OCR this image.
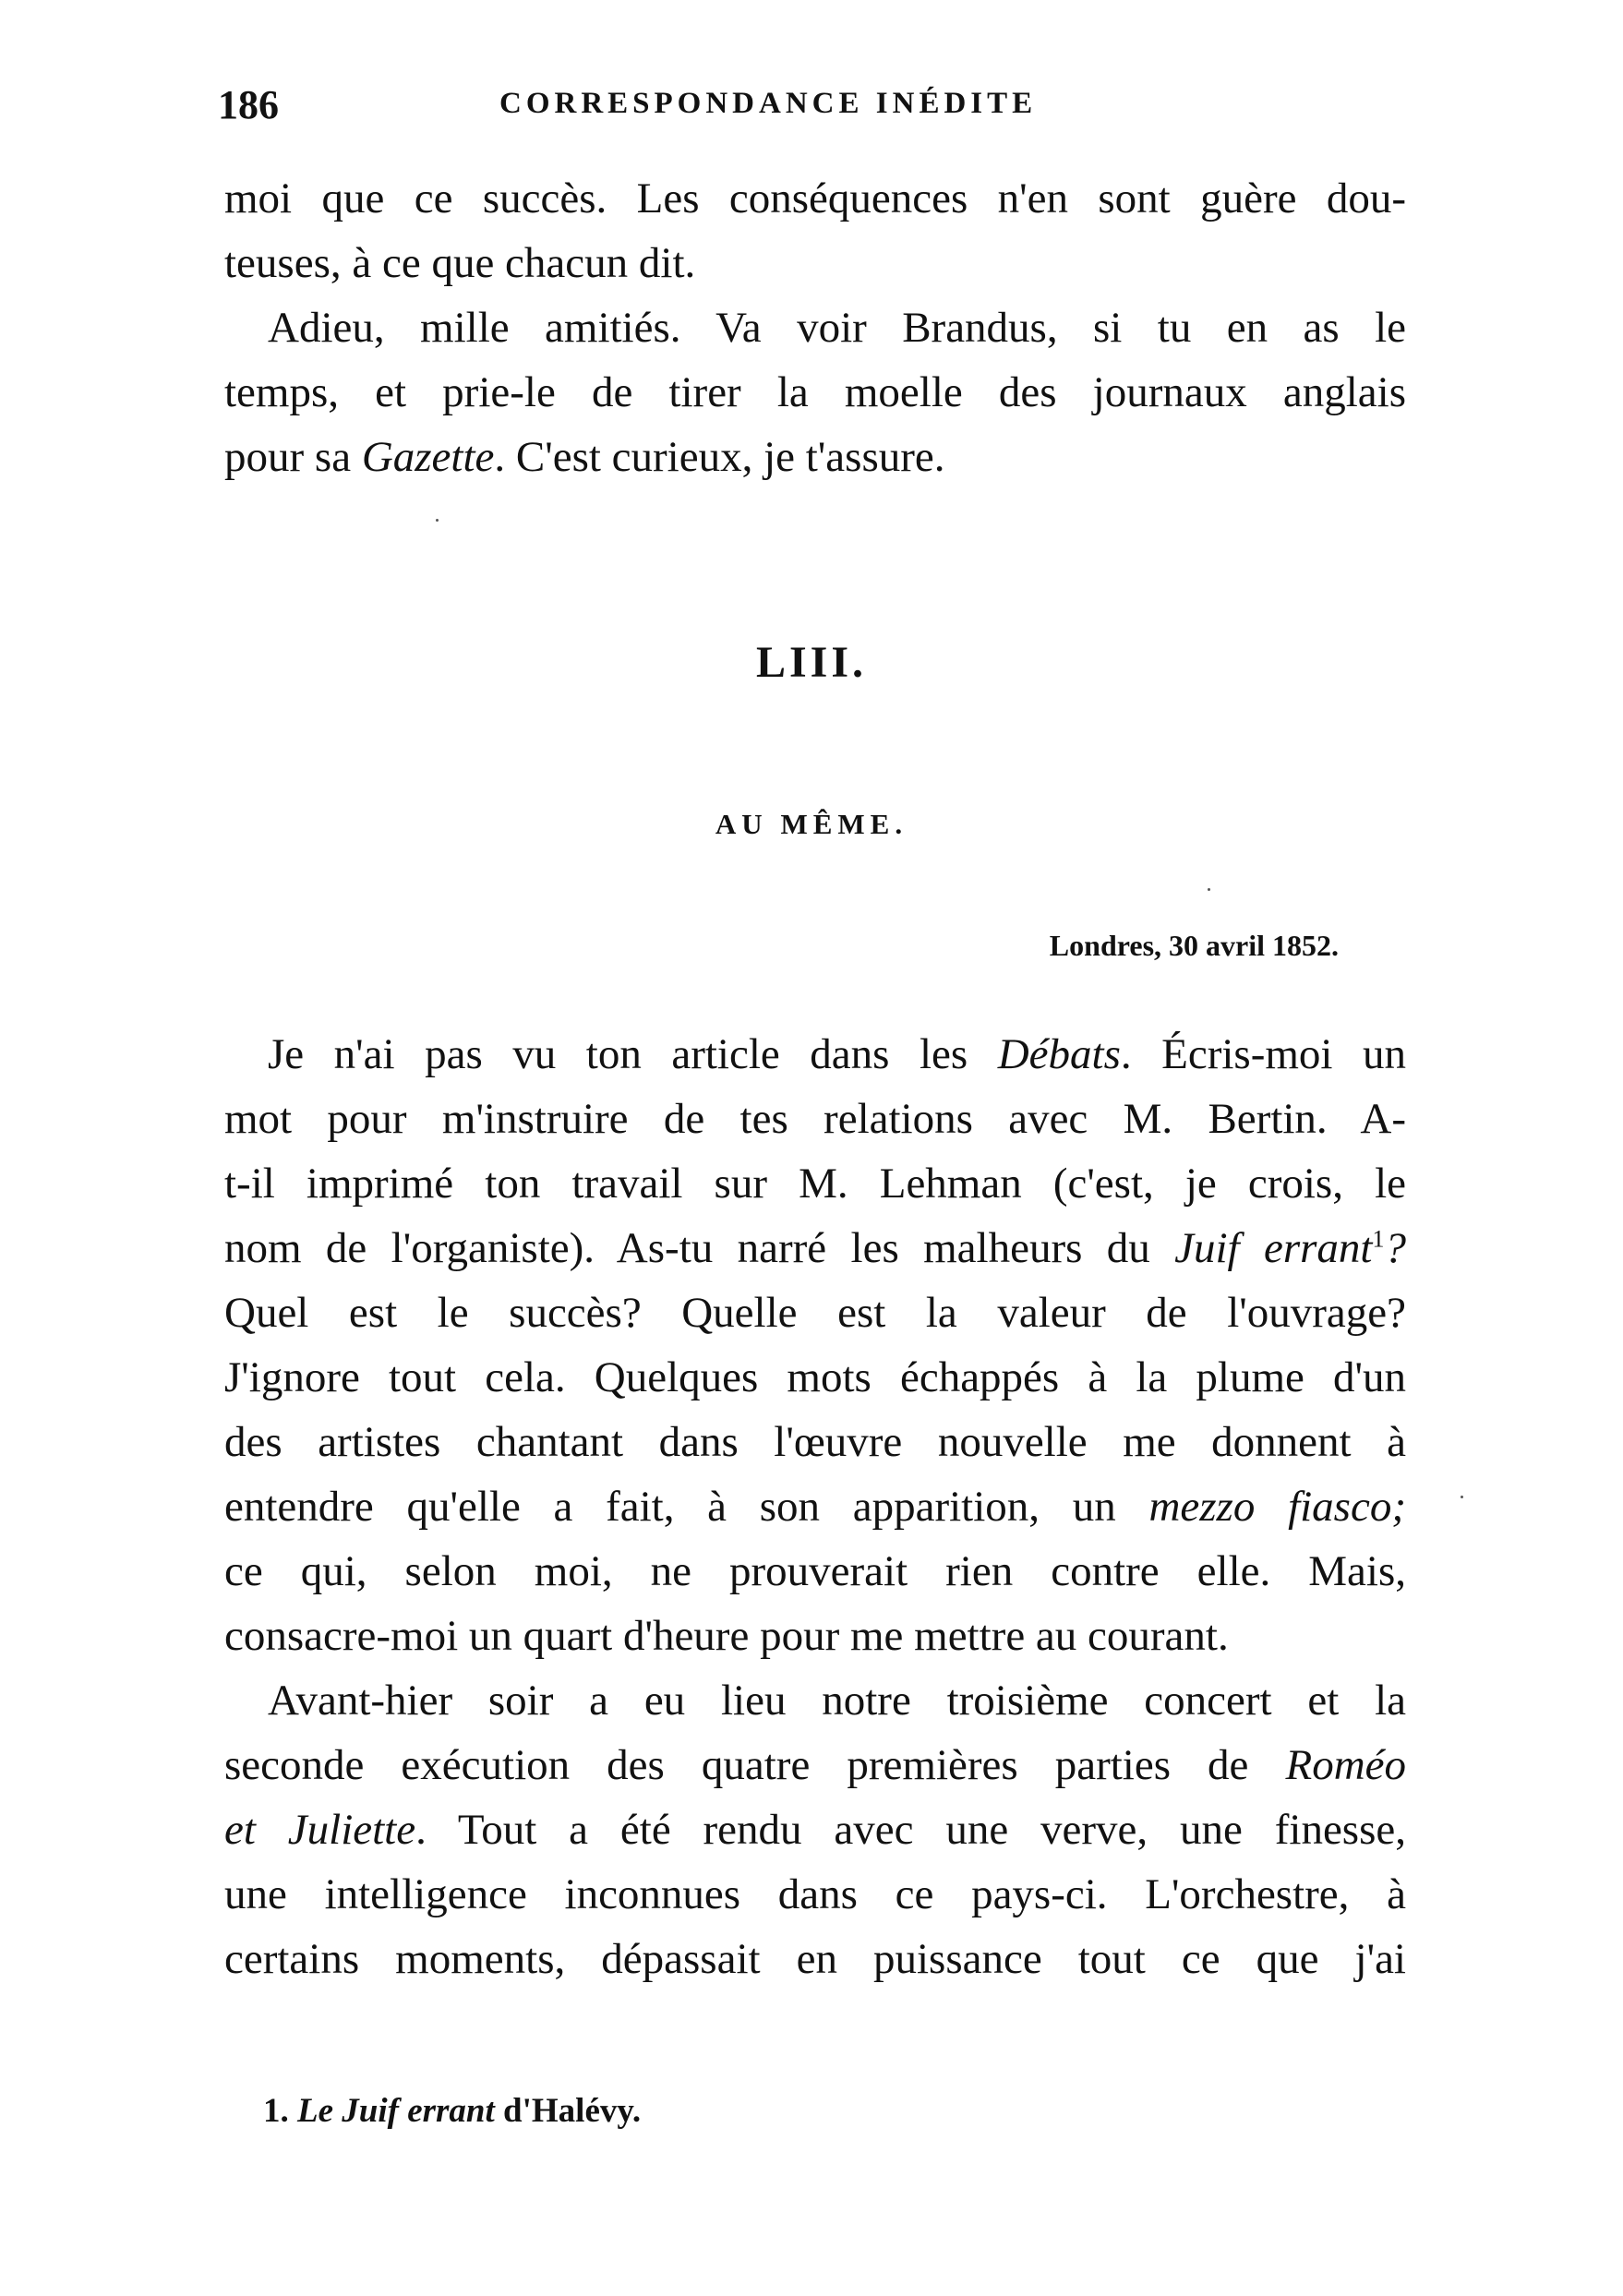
186	CORRESPONDANCE INÉDITE
moi que ce succès. Les conséquences n'en sont guère dou-
teuses, à ce que chacun dit.
Adieu, mille amitiés. Va voir Brandus, si tu en as le
temps, et prie-le de tirer la moelle des journaux anglais
pour sa Gazette. C'est curieux, je t'assure.
LIII.
AU MÊME.
Londres, 30 avril 1852.
Je n'ai pas vu ton article dans les Débats. Écris-moi un
mot pour m'instruire de tes relations avec M. Bertin. A-
t-il imprimé ton travail sur M. Lehman (c'est, je crois, le
nom de l'organiste). As-tu narré les malheurs du Juif errant$^1$?
Quel est le succès? Quelle est la valeur de l'ouvrage?
J'ignore tout cela. Quelques mots échappés à la plume d'un
des artistes chantant dans l'œuvre nouvelle me donnent à
entendre qu'elle a fait, à son apparition, un mezzo fiasco;
ce qui, selon moi, ne prouverait rien contre elle. Mais,
consacre-moi un quart d'heure pour me mettre au courant.
Avant-hier soir a eu lieu notre troisième concert et la
seconde exécution des quatre premières parties de Roméo
et Juliette. Tout a été rendu avec une verve, une finesse,
une intelligence inconnues dans ce pays-ci. L'orchestre, à
certains moments, dépassait en puissance tout ce que j'ai
1. Le Juif errant d'Halévy.
